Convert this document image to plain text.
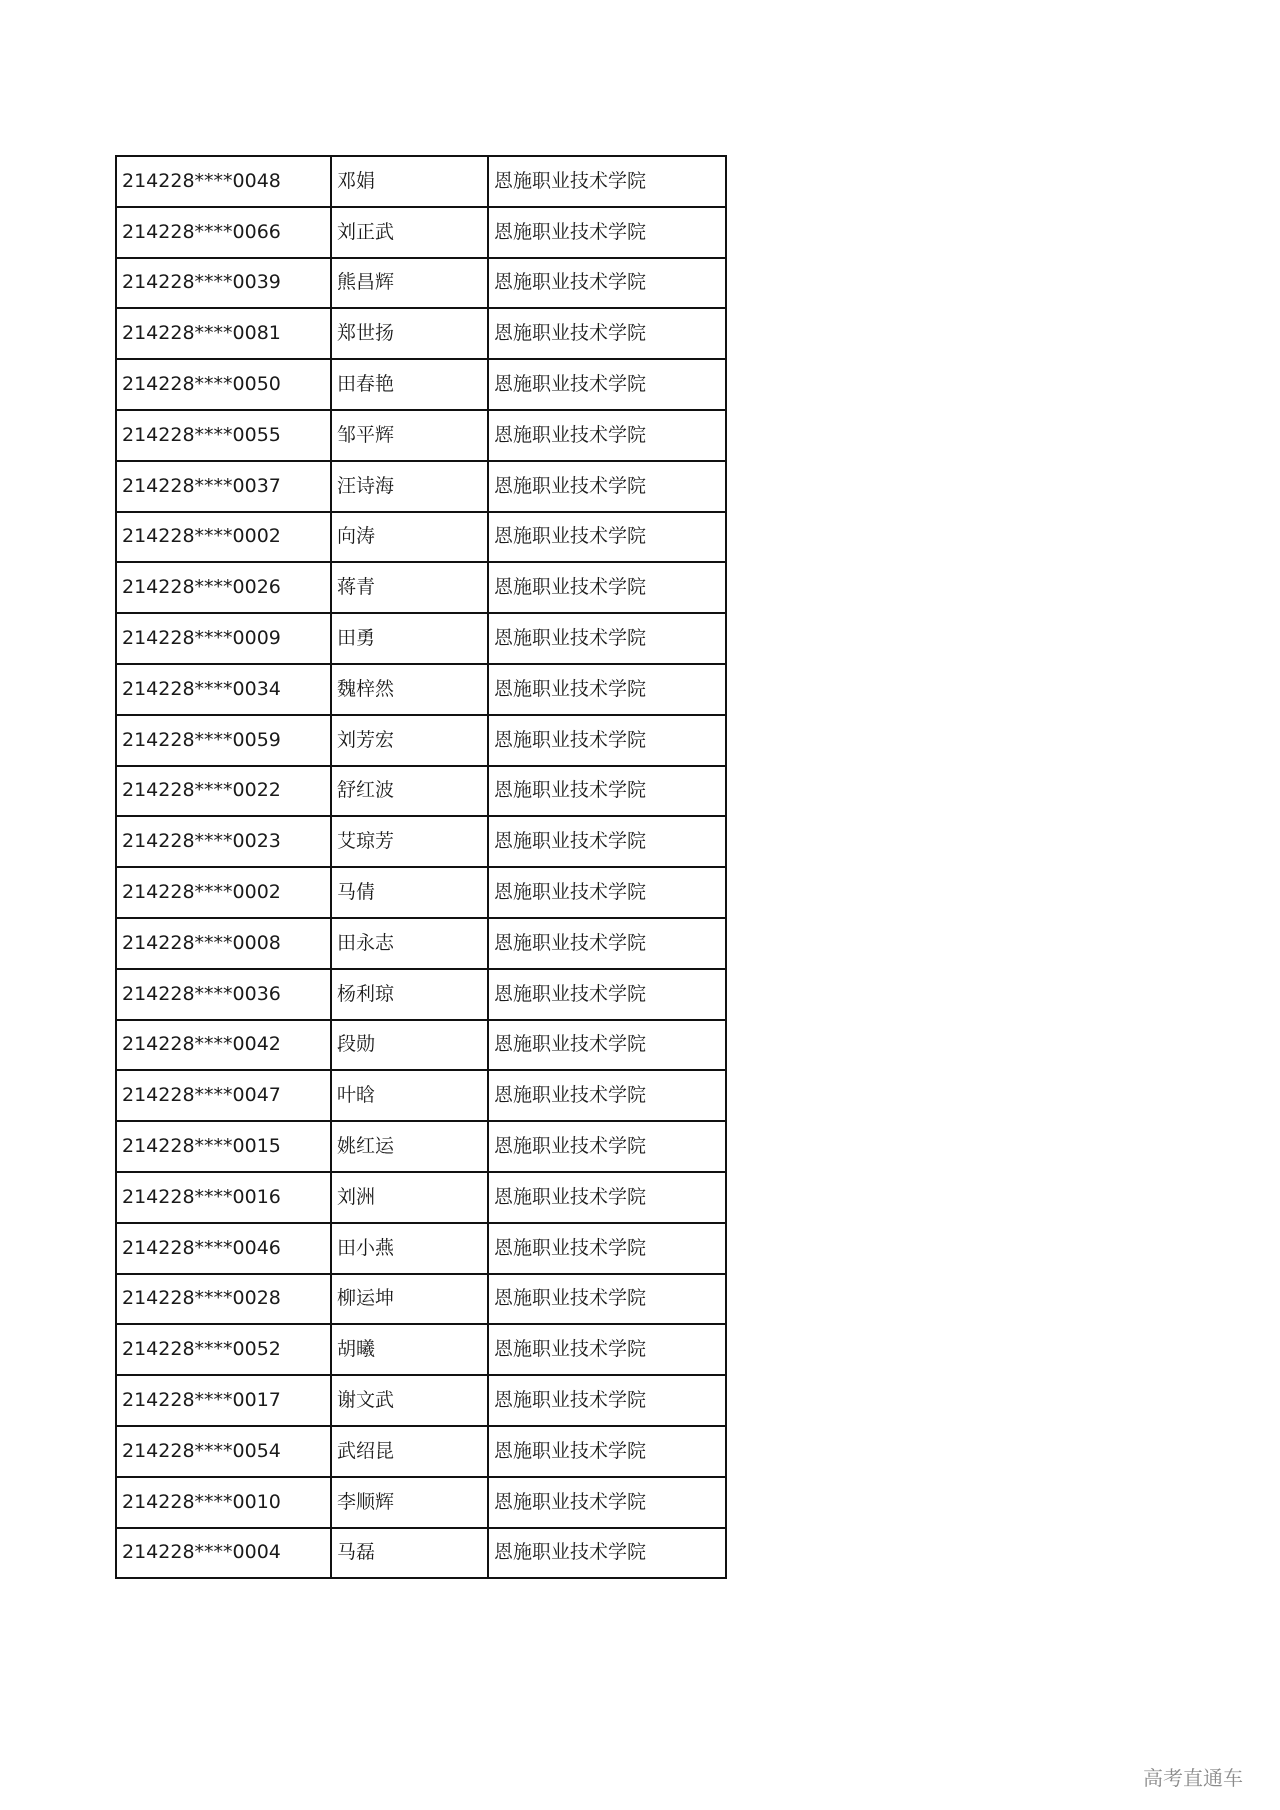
214228****0048	邓娟	恩施职业技术学院
214228****0066	刘正武	恩施职业技术学院
214228****0039	熊昌辉	恩施职业技术学院
214228****0081	郑世扬	恩施职业技术学院
214228****0050	田春艳	恩施职业技术学院
214228****0055	邹平辉	恩施职业技术学院
214228****0037	汪诗海	恩施职业技术学院
214228****0002	向涛	恩施职业技术学院
214228****0026	蒋青	恩施职业技术学院
214228****0009	田勇	恩施职业技术学院
214228****0034	魏梓然	恩施职业技术学院
214228****0059	刘芳宏	恩施职业技术学院
214228****0022	舒红波	恩施职业技术学院
214228****0023	艾琼芳	恩施职业技术学院
214228****0002	马倩	恩施职业技术学院
214228****0008	田永志	恩施职业技术学院
214228****0036	杨利琼	恩施职业技术学院
214228****0042	段勋	恩施职业技术学院
214228****0047	叶晗	恩施职业技术学院
214228****0015	姚红运	恩施职业技术学院
214228****0016	刘洲	恩施职业技术学院
214228****0046	田小燕	恩施职业技术学院
214228****0028	柳运坤	恩施职业技术学院
214228****0052	胡曦	恩施职业技术学院
214228****0017	谢文武	恩施职业技术学院
214228****0054	武绍昆	恩施职业技术学院
214228****0010	李顺辉	恩施职业技术学院
214228****0004	马磊	恩施职业技术学院
高考直通车
